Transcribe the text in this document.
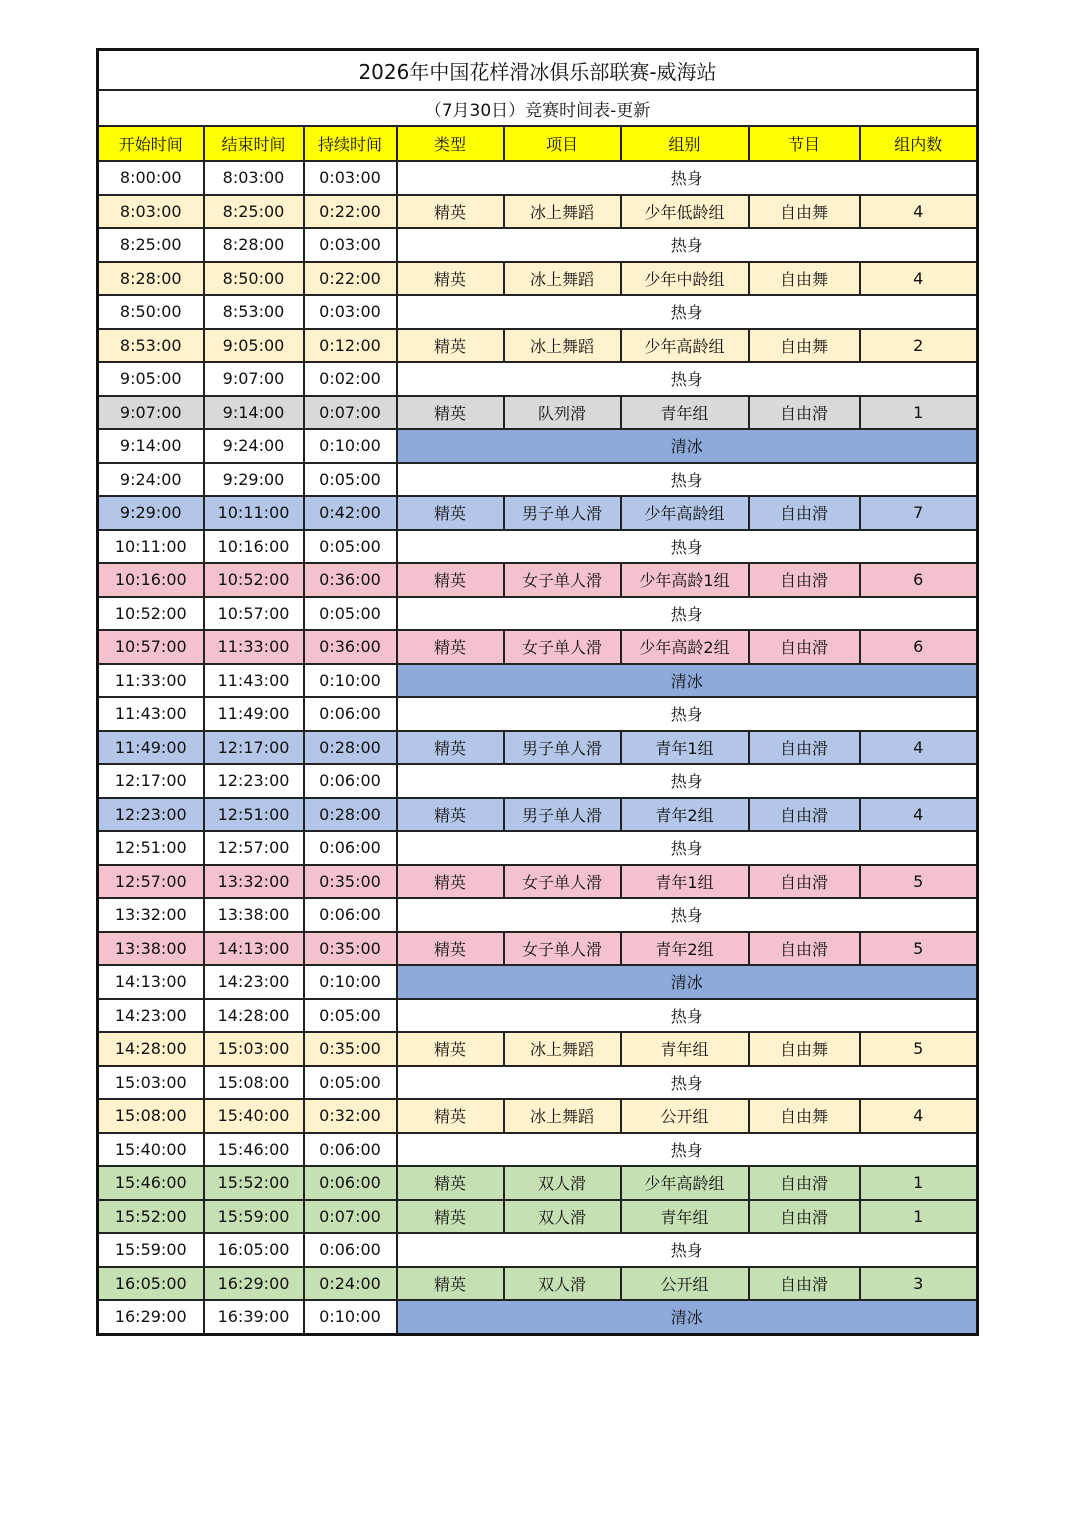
2026年中国花样滑冰俱乐部联赛-威海站							
（7月30日）竞赛时间表-更新							
开始时间	结束时间	持续时间	类型	项目	组别	节目	组内数
8:00:00	8:03:00	0:03:00	热身				
8:03:00	8:25:00	0:22:00	精英	冰上舞蹈	少年低龄组	自由舞	4
8:25:00	8:28:00	0:03:00	热身				
8:28:00	8:50:00	0:22:00	精英	冰上舞蹈	少年中龄组	自由舞	4
8:50:00	8:53:00	0:03:00	热身				
8:53:00	9:05:00	0:12:00	精英	冰上舞蹈	少年高龄组	自由舞	2
9:05:00	9:07:00	0:02:00	热身				
9:07:00	9:14:00	0:07:00	精英	队列滑	青年组	自由滑	1
9:14:00	9:24:00	0:10:00	清冰				
9:24:00	9:29:00	0:05:00	热身				
9:29:00	10:11:00	0:42:00	精英	男子单人滑	少年高龄组	自由滑	7
10:11:00	10:16:00	0:05:00	热身				
10:16:00	10:52:00	0:36:00	精英	女子单人滑	少年高龄1组	自由滑	6
10:52:00	10:57:00	0:05:00	热身				
10:57:00	11:33:00	0:36:00	精英	女子单人滑	少年高龄2组	自由滑	6
11:33:00	11:43:00	0:10:00	清冰				
11:43:00	11:49:00	0:06:00	热身				
11:49:00	12:17:00	0:28:00	精英	男子单人滑	青年1组	自由滑	4
12:17:00	12:23:00	0:06:00	热身				
12:23:00	12:51:00	0:28:00	精英	男子单人滑	青年2组	自由滑	4
12:51:00	12:57:00	0:06:00	热身				
12:57:00	13:32:00	0:35:00	精英	女子单人滑	青年1组	自由滑	5
13:32:00	13:38:00	0:06:00	热身				
13:38:00	14:13:00	0:35:00	精英	女子单人滑	青年2组	自由滑	5
14:13:00	14:23:00	0:10:00	清冰				
14:23:00	14:28:00	0:05:00	热身				
14:28:00	15:03:00	0:35:00	精英	冰上舞蹈	青年组	自由舞	5
15:03:00	15:08:00	0:05:00	热身				
15:08:00	15:40:00	0:32:00	精英	冰上舞蹈	公开组	自由舞	4
15:40:00	15:46:00	0:06:00	热身				
15:46:00	15:52:00	0:06:00	精英	双人滑	少年高龄组	自由滑	1
15:52:00	15:59:00	0:07:00	精英	双人滑	青年组	自由滑	1
15:59:00	16:05:00	0:06:00	热身				
16:05:00	16:29:00	0:24:00	精英	双人滑	公开组	自由滑	3
16:29:00	16:39:00	0:10:00	清冰				
